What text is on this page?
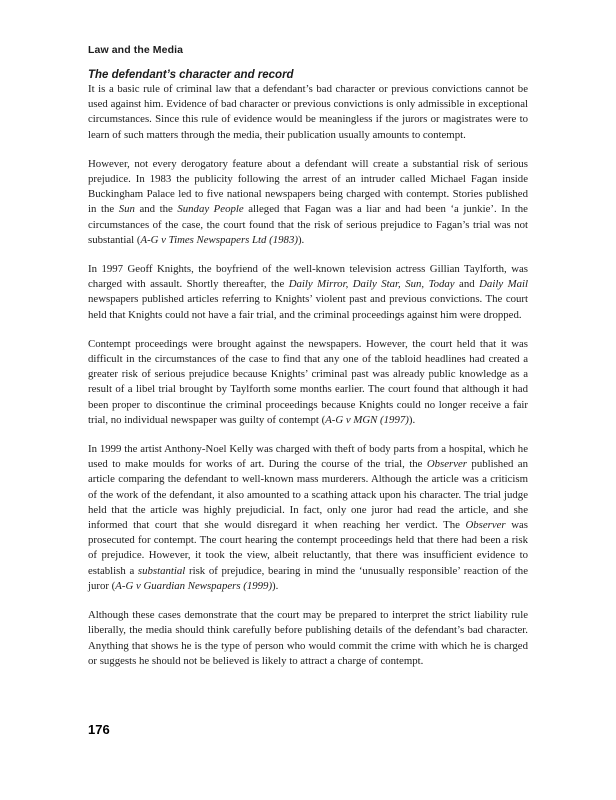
Law and the Media
The defendant’s character and record

It is a basic rule of criminal law that a defendant’s bad character or previous convictions cannot be used against him. Evidence of bad character or previous convictions is only admissible in exceptional circumstances. Since this rule of evidence would be meaningless if the jurors or magistrates were to learn of such matters through the media, their publication usually amounts to contempt.

However, not every derogatory feature about a defendant will create a substantial risk of serious prejudice. In 1983 the publicity following the arrest of an intruder called Michael Fagan inside Buckingham Palace led to five national newspapers being charged with contempt. Stories published in the Sun and the Sunday People alleged that Fagan was a liar and had been ‘a junkie’. In the circumstances of the case, the court found that the risk of serious prejudice to Fagan’s trial was not substantial (A-G v Times Newspapers Ltd (1983)).

In 1997 Geoff Knights, the boyfriend of the well-known television actress Gillian Taylforth, was charged with assault. Shortly thereafter, the Daily Mirror, Daily Star, Sun, Today and Daily Mail newspapers published articles referring to Knights’ violent past and previous convictions. The court held that Knights could not have a fair trial, and the criminal proceedings against him were dropped.

Contempt proceedings were brought against the newspapers. However, the court held that it was difficult in the circumstances of the case to find that any one of the tabloid headlines had created a greater risk of serious prejudice because Knights’ criminal past was already public knowledge as a result of a libel trial brought by Taylforth some months earlier. The court found that although it had been proper to discontinue the criminal proceedings because Knights could no longer receive a fair trial, no individual newspaper was guilty of contempt (A-G v MGN (1997)).

In 1999 the artist Anthony-Noel Kelly was charged with theft of body parts from a hospital, which he used to make moulds for works of art. During the course of the trial, the Observer published an article comparing the defendant to well-known mass murderers. Although the article was a criticism of the work of the defendant, it also amounted to a scathing attack upon his character. The trial judge held that the article was highly prejudicial. In fact, only one juror had read the article, and she informed that court that she would disregard it when reaching her verdict. The Observer was prosecuted for contempt. The court hearing the contempt proceedings held that there had been a risk of prejudice. However, it took the view, albeit reluctantly, that there was insufficient evidence to establish a substantial risk of prejudice, bearing in mind the ‘unusually responsible’ reaction of the juror (A-G v Guardian Newspapers (1999)).

Although these cases demonstrate that the court may be prepared to interpret the strict liability rule liberally, the media should think carefully before publishing details of the defendant’s bad character. Anything that shows he is the type of person who would commit the crime with which he is charged or suggests he should not be believed is likely to attract a charge of contempt.

176
